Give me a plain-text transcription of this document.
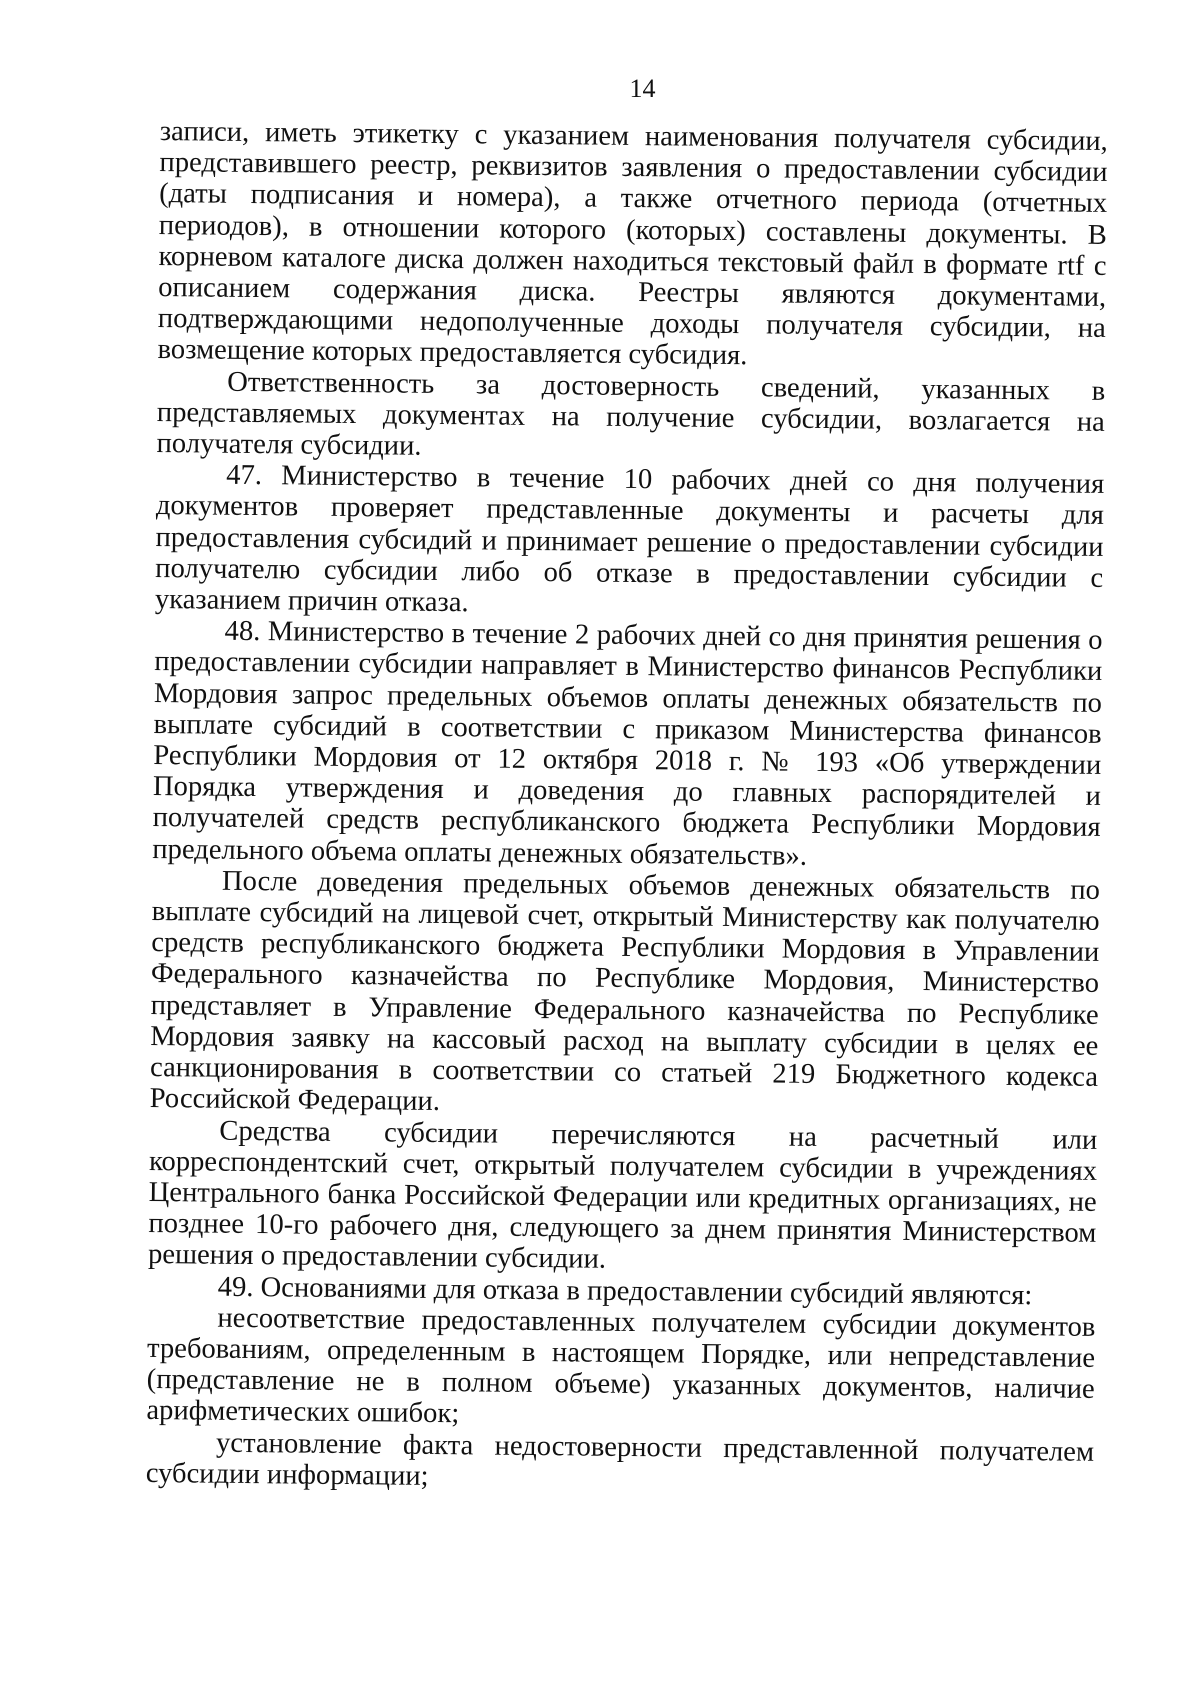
14

записи, иметь этикетку с указанием наименования получателя субсидии, представившего реестр, реквизитов заявления о предоставлении субсидии (даты подписания и номера), а также отчетного периода (отчетных периодов), в отношении которого (которых) составлены документы. В корневом каталоге диска должен находиться текстовый файл в формате rtf с описанием содержания диска. Реестры являются документами, подтверждающими недополученные доходы получателя субсидии, на возмещение которых предоставляется субсидия.

Ответственность за достоверность сведений, указанных в представляемых документах на получение субсидии, возлагается на получателя субсидии.

47. Министерство в течение 10 рабочих дней со дня получения документов проверяет представленные документы и расчеты для предоставления субсидий и принимает решение о предоставлении субсидии получателю субсидии либо об отказе в предоставлении субсидии с указанием причин отказа.

48. Министерство в течение 2 рабочих дней со дня принятия решения о предоставлении субсидии направляет в Министерство финансов Республики Мордовия запрос предельных объемов оплаты денежных обязательств по выплате субсидий в соответствии с приказом Министерства финансов Республики Мордовия от 12 октября 2018 г. № 193 «Об утверждении Порядка утверждения и доведения до главных распорядителей и получателей средств республиканского бюджета Республики Мордовия предельного объема оплаты денежных обязательств».

После доведения предельных объемов денежных обязательств по выплате субсидий на лицевой счет, открытый Министерству как получателю средств республиканского бюджета Республики Мордовия в Управлении Федерального казначейства по Республике Мордовия, Министерство представляет в Управление Федерального казначейства по Республике Мордовия заявку на кассовый расход на выплату субсидии в целях ее санкционирования в соответствии со статьей 219 Бюджетного кодекса Российской Федерации.

Средства субсидии перечисляются на расчетный или корреспондентский счет, открытый получателем субсидии в учреждениях Центрального банка Российской Федерации или кредитных организациях, не позднее 10-го рабочего дня, следующего за днем принятия Министерством решения о предоставлении субсидии.

49. Основаниями для отказа в предоставлении субсидий являются:

несоответствие предоставленных получателем субсидии документов требованиям, определенным в настоящем Порядке, или непредставление (представление не в полном объеме) указанных документов, наличие арифметических ошибок;

установление факта недостоверности представленной получателем субсидии информации;
